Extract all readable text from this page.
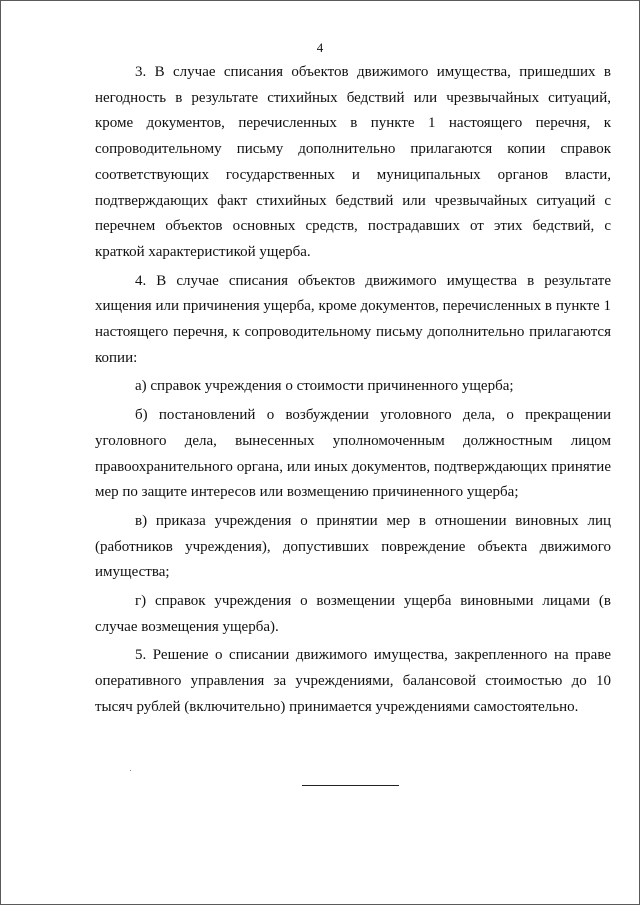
4

3. В случае списания объектов движимого имущества, пришедших в негодность в результате стихийных бедствий или чрезвычайных ситуаций, кроме документов, перечисленных в пункте 1 настоящего перечня, к сопроводительному письму дополнительно прилагаются копии справок соответствующих государственных и муниципальных органов власти, подтверждающих факт стихийных бедствий или чрезвычайных ситуаций с перечнем объектов основных средств, пострадавших от этих бедствий, с краткой характеристикой ущерба.

4. В случае списания объектов движимого имущества в результате хищения или причинения ущерба, кроме документов, перечисленных в пункте 1 настоящего перечня, к сопроводительному письму дополнительно прилагаются копии:

а) справок учреждения о стоимости причиненного ущерба;

б) постановлений о возбуждении уголовного дела, о прекращении уголовного дела, вынесенных уполномоченным должностным лицом правоохранительного органа, или иных документов, подтверждающих принятие мер по защите интересов или возмещению причиненного ущерба;

в) приказа учреждения о принятии мер в отношении виновных лиц (работников учреждения), допустивших повреждение объекта движимого имущества;

г) справок учреждения о возмещении ущерба виновными лицами (в случае возмещения ущерба).

5. Решение о списании движимого имущества, закрепленного на праве оперативного управления за учреждениями, балансовой стоимостью до 10 тысяч рублей (включительно) принимается учреждениями самостоятельно.
